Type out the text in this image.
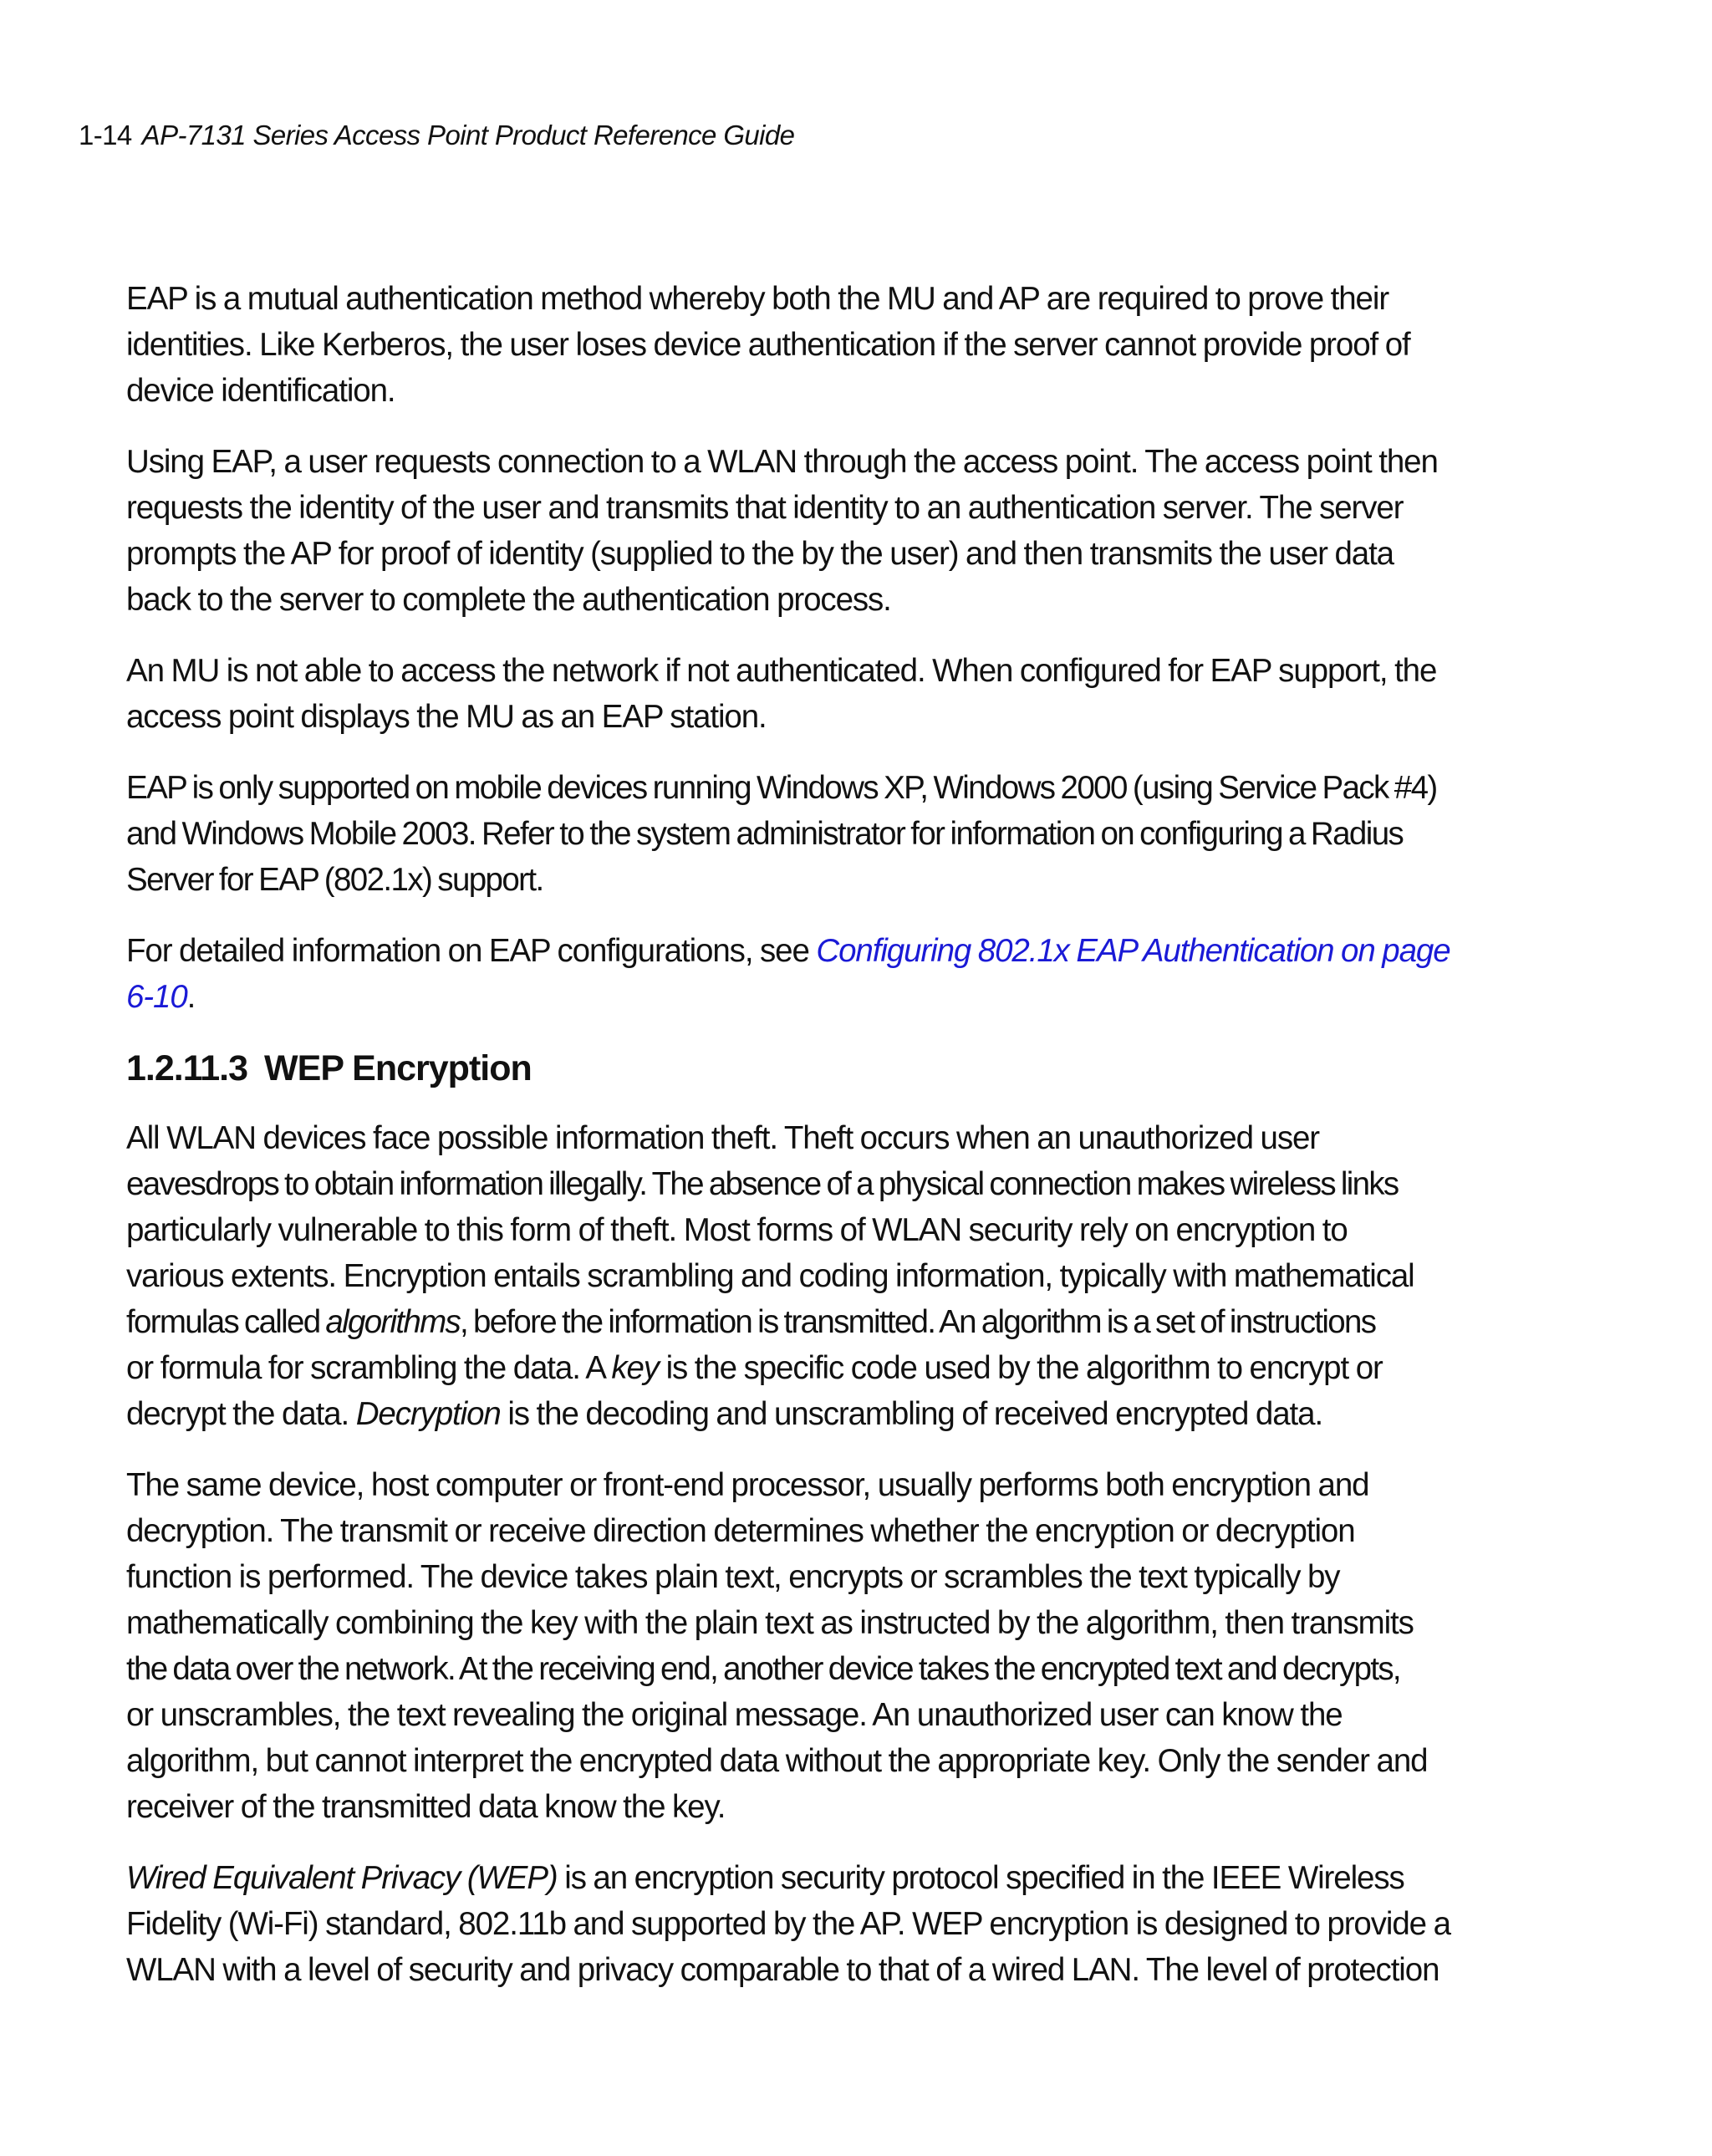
1-14 AP-7131 Series Access Point Product Reference Guide

EAP is a mutual authentication method whereby both the MU and AP are required to prove their
identities. Like Kerberos, the user loses device authentication if the server cannot provide proof of
device identification.

Using EAP, a user requests connection to a WLAN through the access point. The access point then
requests the identity of the user and transmits that identity to an authentication server. The server
prompts the AP for proof of identity (supplied to the by the user) and then transmits the user data
back to the server to complete the authentication process.

An MU is not able to access the network if not authenticated. When configured for EAP support, the
access point displays the MU as an EAP station.

EAP is only supported on mobile devices running Windows XP, Windows 2000 (using Service Pack #4)
and Windows Mobile 2003. Refer to the system administrator for information on configuring a Radius
Server for EAP (802.1x) support.

For detailed information on EAP configurations, see Configuring 802.1x EAP Authentication on page
6-10.

1.2.11.3 WEP Encryption

All WLAN devices face possible information theft. Theft occurs when an unauthorized user
eavesdrops to obtain information illegally. The absence of a physical connection makes wireless links
particularly vulnerable to this form of theft. Most forms of WLAN security rely on encryption to
various extents. Encryption entails scrambling and coding information, typically with mathematical
formulas called algorithms, before the information is transmitted. An algorithm is a set of instructions
or formula for scrambling the data. A key is the specific code used by the algorithm to encrypt or
decrypt the data. Decryption is the decoding and unscrambling of received encrypted data.

The same device, host computer or front-end processor, usually performs both encryption and
decryption. The transmit or receive direction determines whether the encryption or decryption
function is performed. The device takes plain text, encrypts or scrambles the text typically by
mathematically combining the key with the plain text as instructed by the algorithm, then transmits
the data over the network. At the receiving end, another device takes the encrypted text and decrypts,
or unscrambles, the text revealing the original message. An unauthorized user can know the
algorithm, but cannot interpret the encrypted data without the appropriate key. Only the sender and
receiver of the transmitted data know the key.

Wired Equivalent Privacy (WEP) is an encryption security protocol specified in the IEEE Wireless
Fidelity (Wi-Fi) standard, 802.11b and supported by the AP. WEP encryption is designed to provide a
WLAN with a level of security and privacy comparable to that of a wired LAN. The level of protection
